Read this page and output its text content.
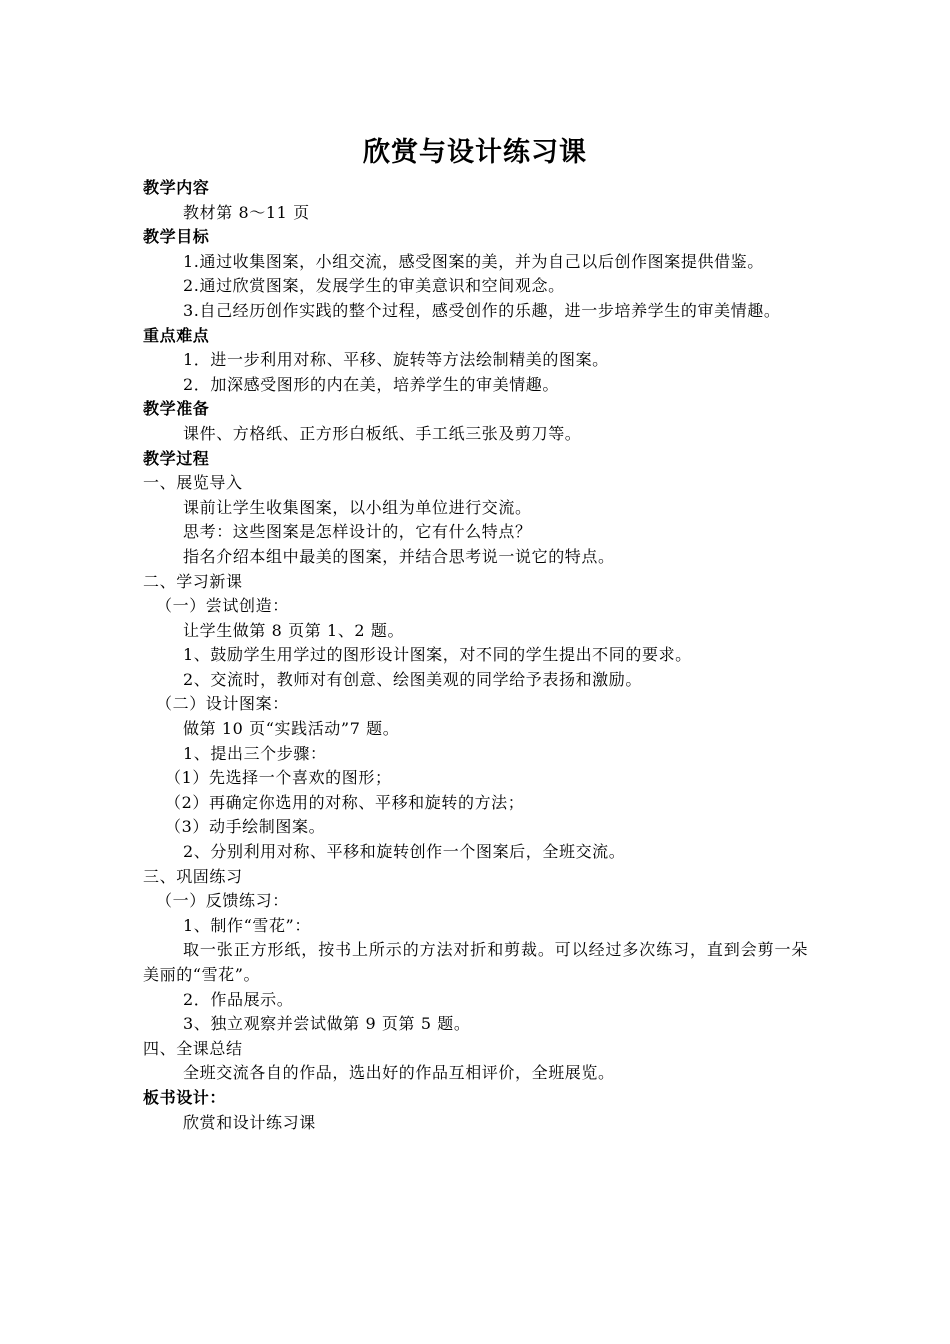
欣赏与设计练习课

教学内容

教材第 8～11 页

教学目标

1.通过收集图案，小组交流，感受图案的美，并为自己以后创作图案提供借鉴。

2.通过欣赏图案，发展学生的审美意识和空间观念。

3.自己经历创作实践的整个过程，感受创作的乐趣，进一步培养学生的审美情趣。

重点难点

1．进一步利用对称、平移、旋转等方法绘制精美的图案。

2．加深感受图形的内在美，培养学生的审美情趣。

教学准备

课件、方格纸、正方形白板纸、手工纸三张及剪刀等。

教学过程

一、展览导入

课前让学生收集图案，以小组为单位进行交流。

思考：这些图案是怎样设计的，它有什么特点？

指名介绍本组中最美的图案，并结合思考说一说它的特点。

二、学习新课

（一）尝试创造：

让学生做第 8 页第 1、2 题。

1、鼓励学生用学过的图形设计图案，对不同的学生提出不同的要求。

2、交流时，教师对有创意、绘图美观的同学给予表扬和激励。

（二）设计图案：

做第 10 页“实践活动”7 题。

1、提出三个步骤：

（1）先选择一个喜欢的图形；

（2）再确定你选用的对称、平移和旋转的方法；

（3）动手绘制图案。

2、分别利用对称、平移和旋转创作一个图案后，全班交流。

三、巩固练习

（一）反馈练习：

1、制作“雪花”：

取一张正方形纸，按书上所示的方法对折和剪裁。可以经过多次练习，直到会剪一朵美丽的“雪花”。

2．作品展示。

3、独立观察并尝试做第 9 页第 5 题。

四、全课总结

全班交流各自的作品，选出好的作品互相评价，全班展览。

板书设计：

欣赏和设计练习课
